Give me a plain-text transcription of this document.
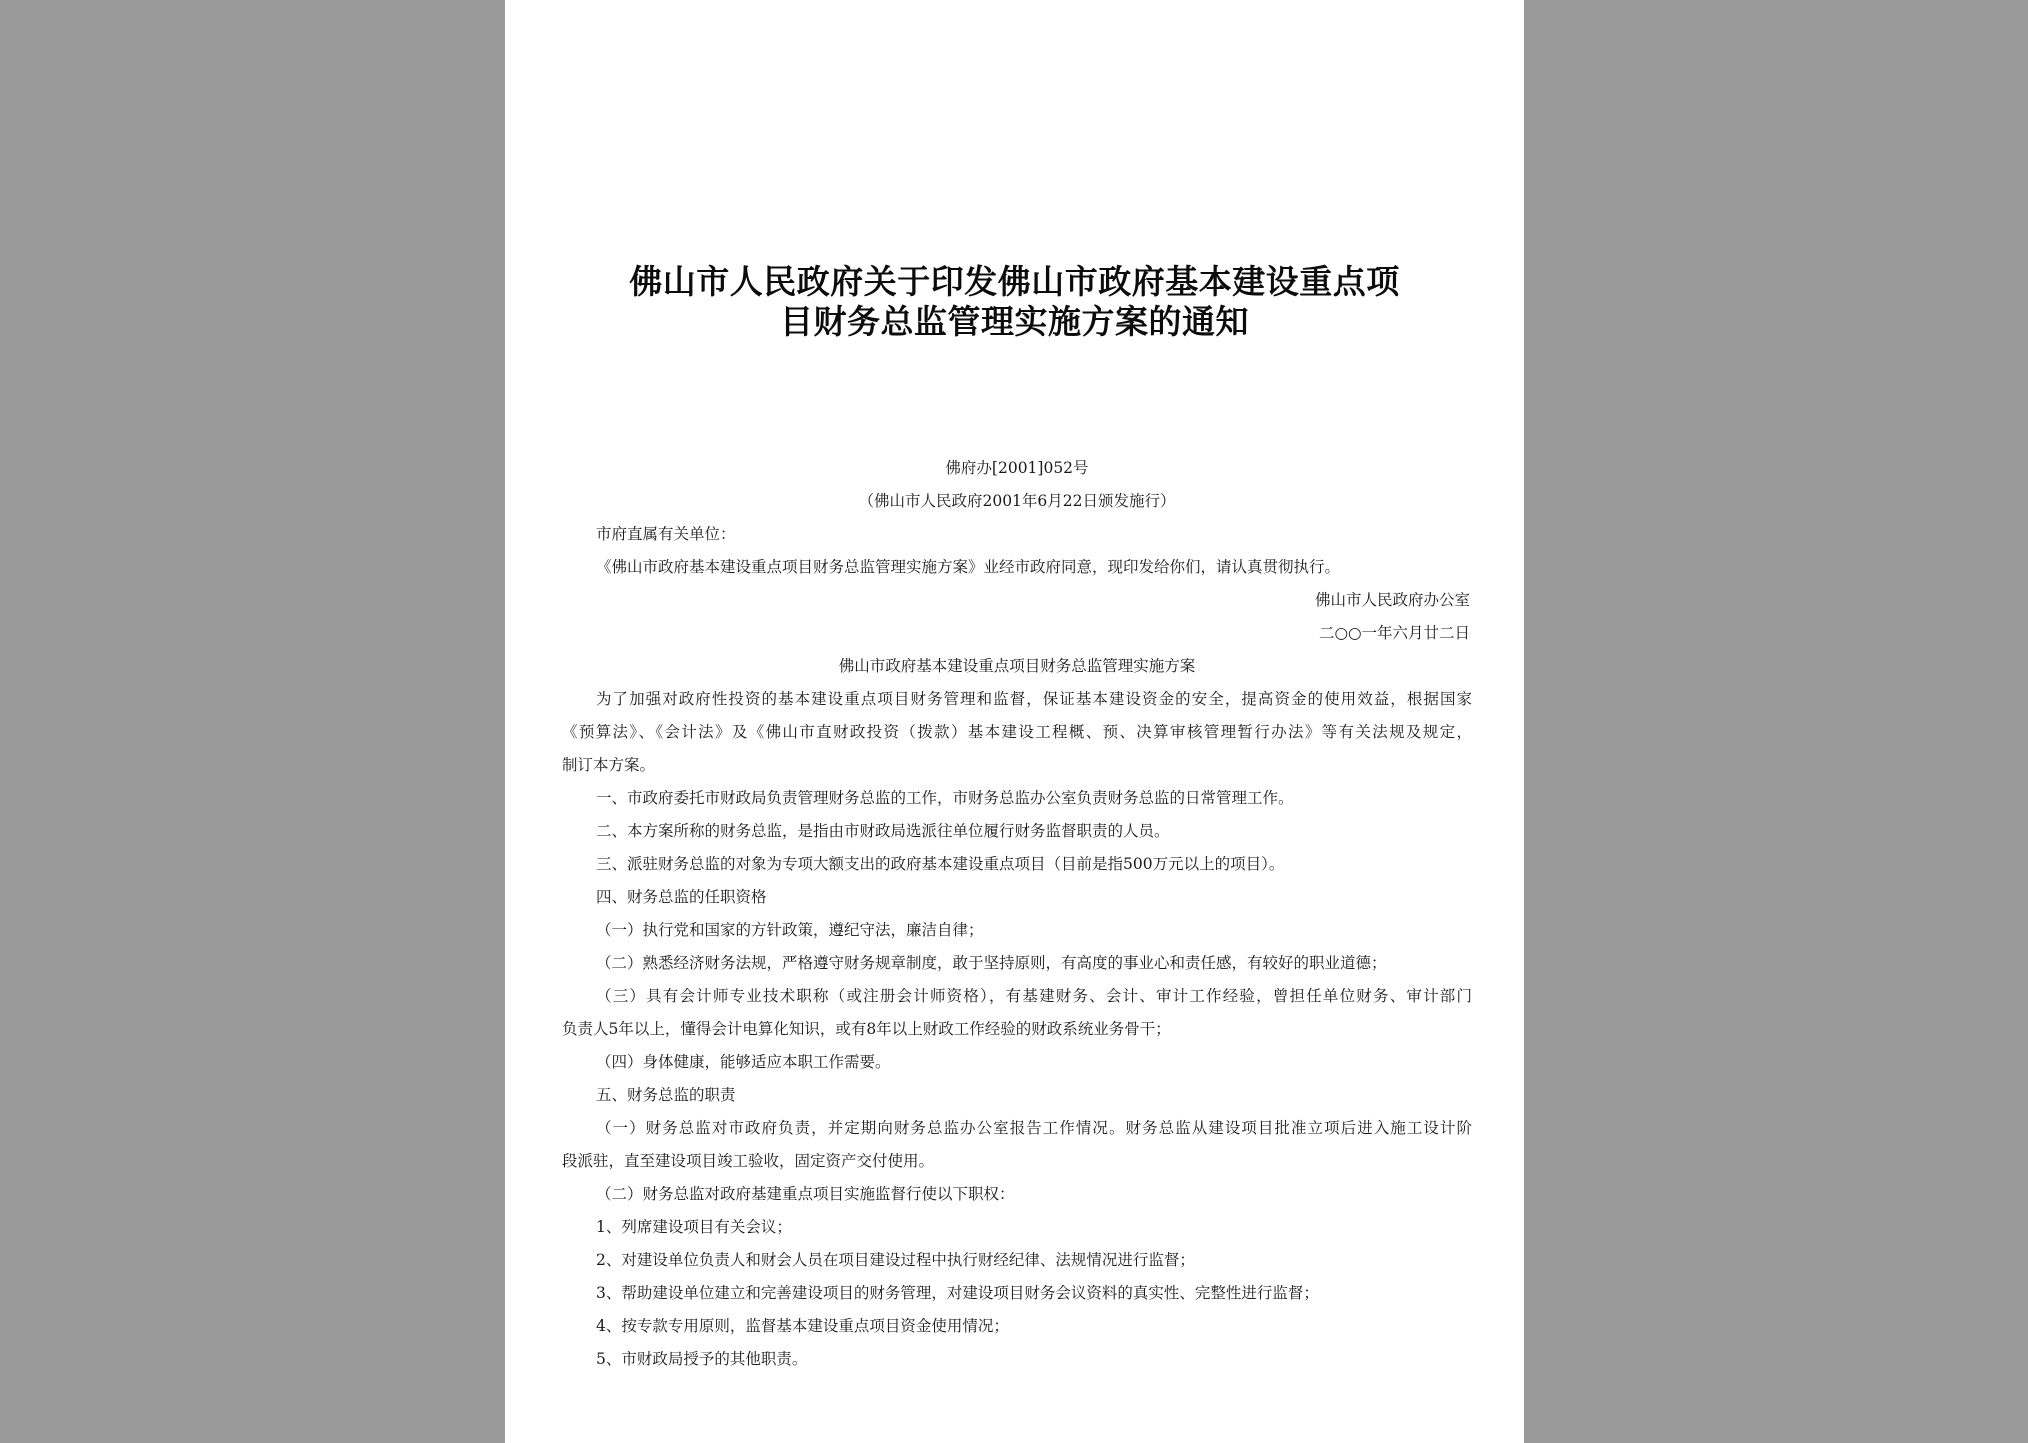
佛山市人民政府关于印发佛山市政府基本建设重点项
目财务总监管理实施方案的通知
佛府办[2001]052号
（佛山市人民政府2001年6月22日颁发施行）
市府直属有关单位：
《佛山市政府基本建设重点项目财务总监管理实施方案》业经市政府同意，现印发给你们，请认真贯彻执行。
佛山市人民政府办公室
二○○一年六月廿二日
佛山市政府基本建设重点项目财务总监管理实施方案
为了加强对政府性投资的基本建设重点项目财务管理和监督，保证基本建设资金的安全，提高资金的使用效益，根据国家
《预算法》、《会计法》及《佛山市直财政投资（拨款）基本建设工程概、预、决算审核管理暂行办法》等有关法规及规定，
制订本方案。
一、市政府委托市财政局负责管理财务总监的工作，市财务总监办公室负责财务总监的日常管理工作。
二、本方案所称的财务总监，是指由市财政局选派往单位履行财务监督职责的人员。
三、派驻财务总监的对象为专项大额支出的政府基本建设重点项目（目前是指500万元以上的项目）。
四、财务总监的任职资格
（一）执行党和国家的方针政策，遵纪守法，廉洁自律；
（二）熟悉经济财务法规，严格遵守财务规章制度，敢于坚持原则，有高度的事业心和责任感，有较好的职业道德；
（三）具有会计师专业技术职称（或注册会计师资格），有基建财务、会计、审计工作经验，曾担任单位财务、审计部门
负责人5年以上，懂得会计电算化知识，或有8年以上财政工作经验的财政系统业务骨干；
（四）身体健康，能够适应本职工作需要。
五、财务总监的职责
（一）财务总监对市政府负责，并定期向财务总监办公室报告工作情况。财务总监从建设项目批准立项后进入施工设计阶
段派驻，直至建设项目竣工验收，固定资产交付使用。
（二）财务总监对政府基建重点项目实施监督行使以下职权：
1、列席建设项目有关会议；
2、对建设单位负责人和财会人员在项目建设过程中执行财经纪律、法规情况进行监督；
3、帮助建设单位建立和完善建设项目的财务管理，对建设项目财务会议资料的真实性、完整性进行监督；
4、按专款专用原则，监督基本建设重点项目资金使用情况；
5、市财政局授予的其他职责。
